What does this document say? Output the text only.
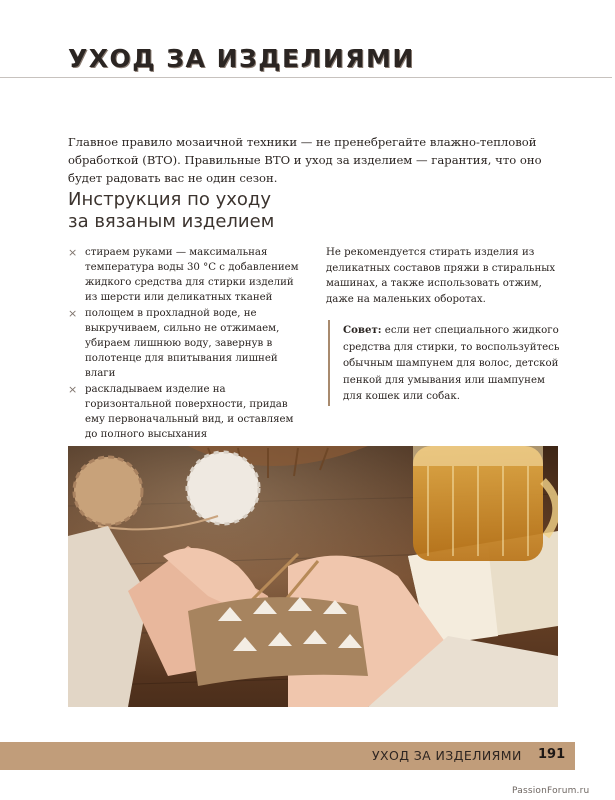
УХОД ЗА ИЗДЕЛИЯМИ

Главное правило мозаичной техники — не пренебрегайте влажно-тепловой обработкой (ВТО). Правильные ВТО и уход за изделием — гарантия, что оно будет радовать вас не один сезон.

Инструкция по уходу
за вязаным изделием
× стираем руками — максимальная температура воды 30 °С с добавлением жидкого средства для стирки изделий из шерсти или деликатных тканей
× полощем в прохладной воде, не выкручиваем, сильно не отжимаем, убираем лишнюю воду, завернув в полотенце для впитывания лишней влаги
× раскладываем изделие на горизонтальной поверхности, придав ему первоначальный вид, и оставляем до полного высыхания

Не рекомендуется стирать изделия из деликатных составов пряжи в стиральных машинах, а также использовать отжим, даже на маленьких оборотах.

Совет: если нет специального жидкого средства для стирки, то воспользуйтесь обычным шампунем для волос, детской пенкой для умывания или шампунем для кошек или собак.

УХОД ЗА ИЗДЕЛИЯМИ 191
PassionForum.ru
